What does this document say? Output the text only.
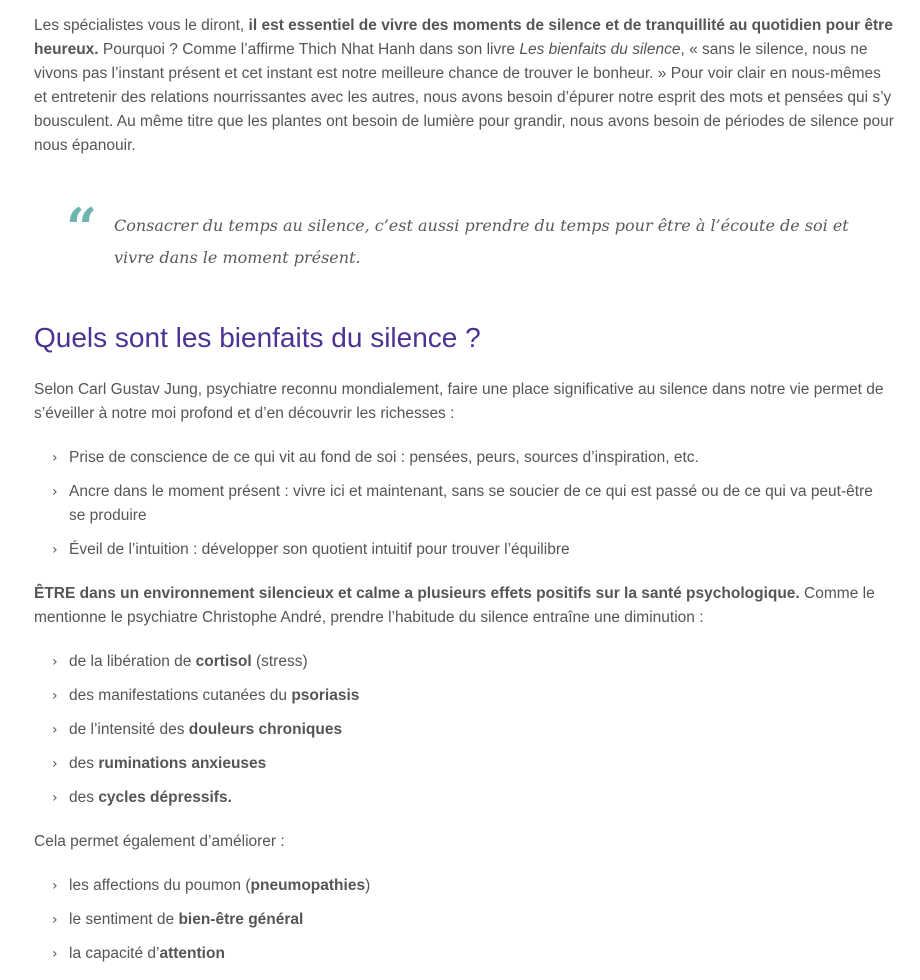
Les spécialistes vous le diront, il est essentiel de vivre des moments de silence et de tranquillité au quotidien pour être heureux. Pourquoi ? Comme l’affirme Thich Nhat Hanh dans son livre Les bienfaits du silence, « sans le silence, nous ne vivons pas l’instant présent et cet instant est notre meilleure chance de trouver le bonheur. » Pour voir clair en nous-mêmes et entretenir des relations nourrissantes avec les autres, nous avons besoin d’épurer notre esprit des mots et pensées qui s’y bousculent. Au même titre que les plantes ont besoin de lumière pour grandir, nous avons besoin de périodes de silence pour nous épanouir.

“ Consacrer du temps au silence, c’est aussi prendre du temps pour être à l’écoute de soi et vivre dans le moment présent.

Quels sont les bienfaits du silence ?

Selon Carl Gustav Jung, psychiatre reconnu mondialement, faire une place significative au silence dans notre vie permet de s’éveiller à notre moi profond et d’en découvrir les richesses :

› Prise de conscience de ce qui vit au fond de soi : pensées, peurs, sources d’inspiration, etc.
› Ancre dans le moment présent : vivre ici et maintenant, sans se soucier de ce qui est passé ou de ce qui va peut-être se produire
› Éveil de l’intuition : développer son quotient intuitif pour trouver l’équilibre

ÊTRE dans un environnement silencieux et calme a plusieurs effets positifs sur la santé psychologique. Comme le mentionne le psychiatre Christophe André, prendre l’habitude du silence entraîne une diminution :

› de la libération de cortisol (stress)
› des manifestations cutanées du psoriasis
› de l’intensité des douleurs chroniques
› des ruminations anxieuses
› des cycles dépressifs.

Cela permet également d’améliorer :

› les affections du poumon (pneumopathies)
› le sentiment de bien-être général
› la capacité d’attention
